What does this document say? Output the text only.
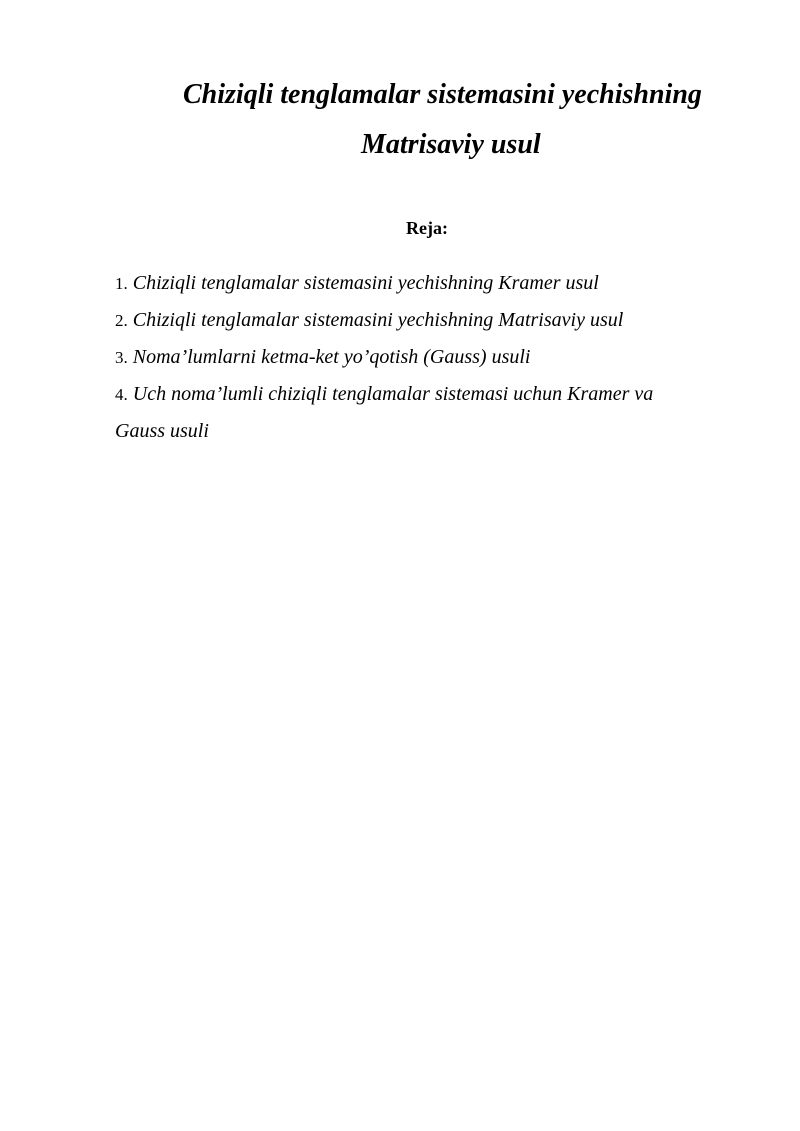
Chiziqli tenglamalar sistemasini yechishning
Matrisaviy usul
Reja:
1. Chiziqli tenglamalar sistemasini yechishning Kramer usul
2. Chiziqli tenglamalar sistemasini yechishning Matrisaviy usul
3. Noma’lumlarni ketma-ket yo’qotish (Gauss) usuli
4. Uch noma’lumli chiziqli tenglamalar sistemasi uchun Kramer va Gauss usuli
